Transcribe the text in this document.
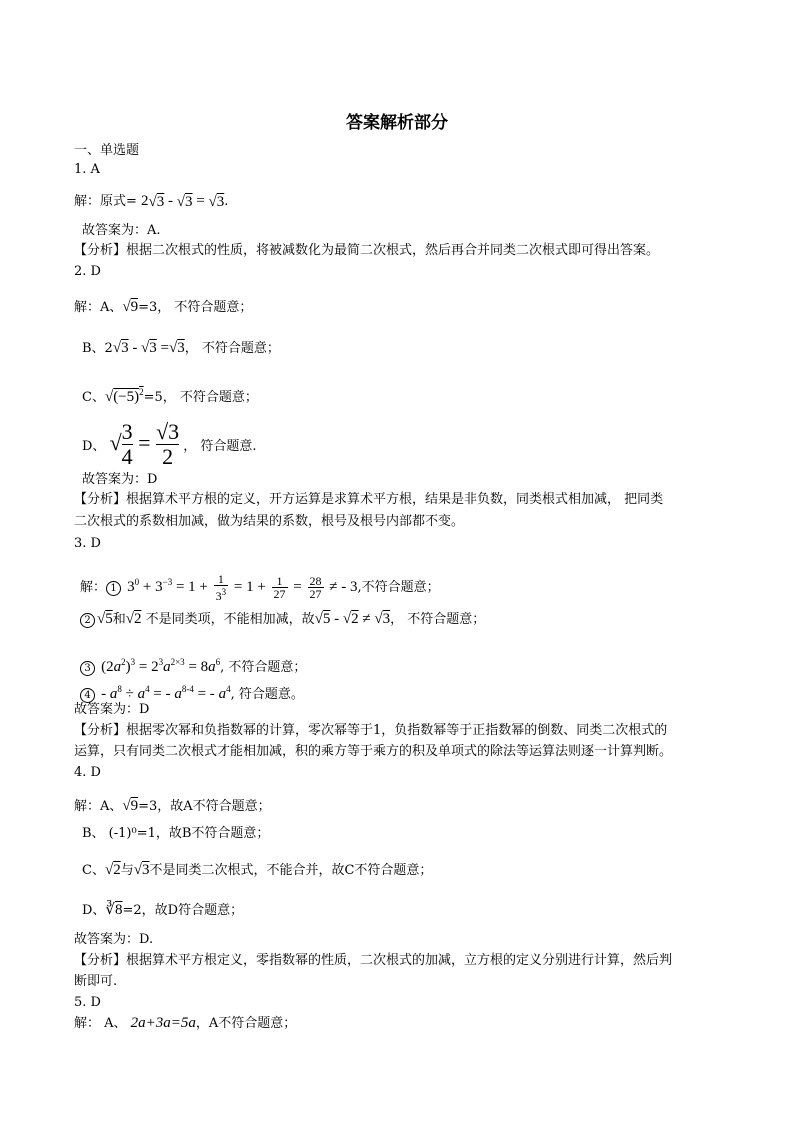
答案解析部分
一、单选题
1. A
解：原式= 2√3 - √3 = √3.
故答案为：A.
【分析】根据二次根式的性质，将被减数化为最简二次根式，然后再合并同类二次根式即可得出答案。
2. D
解：A、√9=3， 不符合题意；
B、2√3 - √3 =√3， 不符合题意；
C、$√(-5)^2=5$， 不符合题意；
D、 √ $\frac{3}{4} = \frac{√3}{2}$ ， 符合题意.
故答案为：D
【分析】根据算术平方根的定义，开方运算是求算术平方根，结果是非负数，同类根式相加减， 把同类
二次根式的系数相加减，做为结果的系数，根号及根号内部都不变。
3. D
解： 1 $3^0 + 3^{-3} = 1 + \frac{1}{3^3} = 1 + \frac{1}{27} = \frac{28}{27}$ ≠ - 3,不符合题意；
2 √5和√2 不是同类项，不能相加减，故√5 - √2 ≠ √3， 不符合题意；
3 $(2a^2)^3 = 2^3a^{2\times 3} = 8a^6$, 不符合题意；
$4 - a^8 \div a^4$ = - $a^{8-4}$ = - $a^4$, 符合题意。
故答案为：D
【分析】根据零次幂和负指数幂的计算，零次幂等于1，负指数幂等于正指数幂的倒数、同类二次根式的
运算，只有同类二次根式才能相加减，积的乘方等于乘方的积及单项式的除法等运算法则逐一计算判断。
4. D
解：A、√9=3，故A不符合题意；
B、 (-1)⁰=1，故B不符合题意；
C、√2与√3不是同类二次根式，不能合并，故C不符合题意；
D、∛8=2，故D符合题意；
故答案为：D.
【分析】根据算术平方根定义，零指数幂的性质，二次根式的加减，立方根的定义分别进行计算，然后判
断即可.
5. D
解： A、 2a+3a=5a，A不符合题意；
